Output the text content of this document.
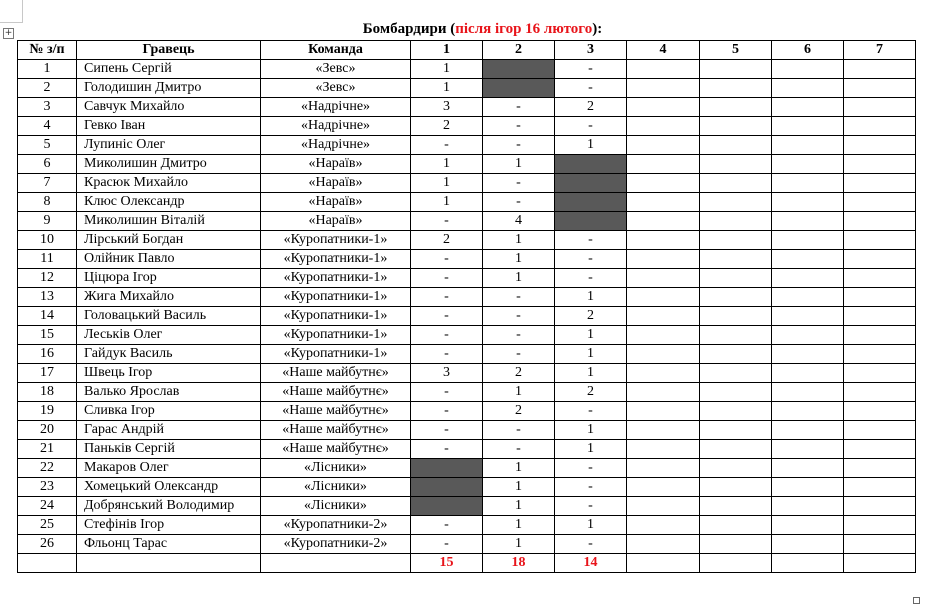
+	Бомбардири (після ігор 16 лютого):
№ з/п	Гравець	Команда	1	2	3	4	5	6	7
1	Сипень Сергій	«Зевс»	1		-				
2	Голодишин Дмитро	«Зевс»	1		-				
3	Савчук Михайло	«Надрічне»	3	-	2				
4	Гевко Іван	«Надрічне»	2	-	-				
5	Лупиніс Олег	«Надрічне»	-	-	1				
6	Миколишин Дмитро	«Нараїв»	1	1					
7	Красюк Михайло	«Нараїв»	1	-					
8	Клюс Олександр	«Нараїв»	1	-					
9	Миколишин Віталій	«Нараїв»	-	4					
10	Лірський Богдан	«Куропатники-1»	2	1	-				
11	Олійник Павло	«Куропатники-1»	-	1	-				
12	Ціцюра Ігор	«Куропатники-1»	-	1	-				
13	Жига Михайло	«Куропатники-1»	-	-	1				
14	Головацький Василь	«Куропатники-1»	-	-	2				
15	Леськів Олег	«Куропатники-1»	-	-	1				
16	Гайдук Василь	«Куропатники-1»	-	-	1				
17	Швець Ігор	«Наше майбутнє»	3	2	1				
18	Валько Ярослав	«Наше майбутнє»	-	1	2				
19	Сливка Ігор	«Наше майбутнє»	-	2	-				
20	Гарас Андрій	«Наше майбутнє»	-	-	1				
21	Паньків Сергій	«Наше майбутнє»	-	-	1				
22	Макаров Олег	«Лісники»		1	-				
23	Хомецький Олександр	«Лісники»		1	-				
24	Добрянський Володимир	«Лісники»		1	-				
25	Стефінів Ігор	«Куропатники-2»	-	1	1				
26	Фльонц Тарас	«Куропатники-2»	-	1	-				
			15	18	14				
